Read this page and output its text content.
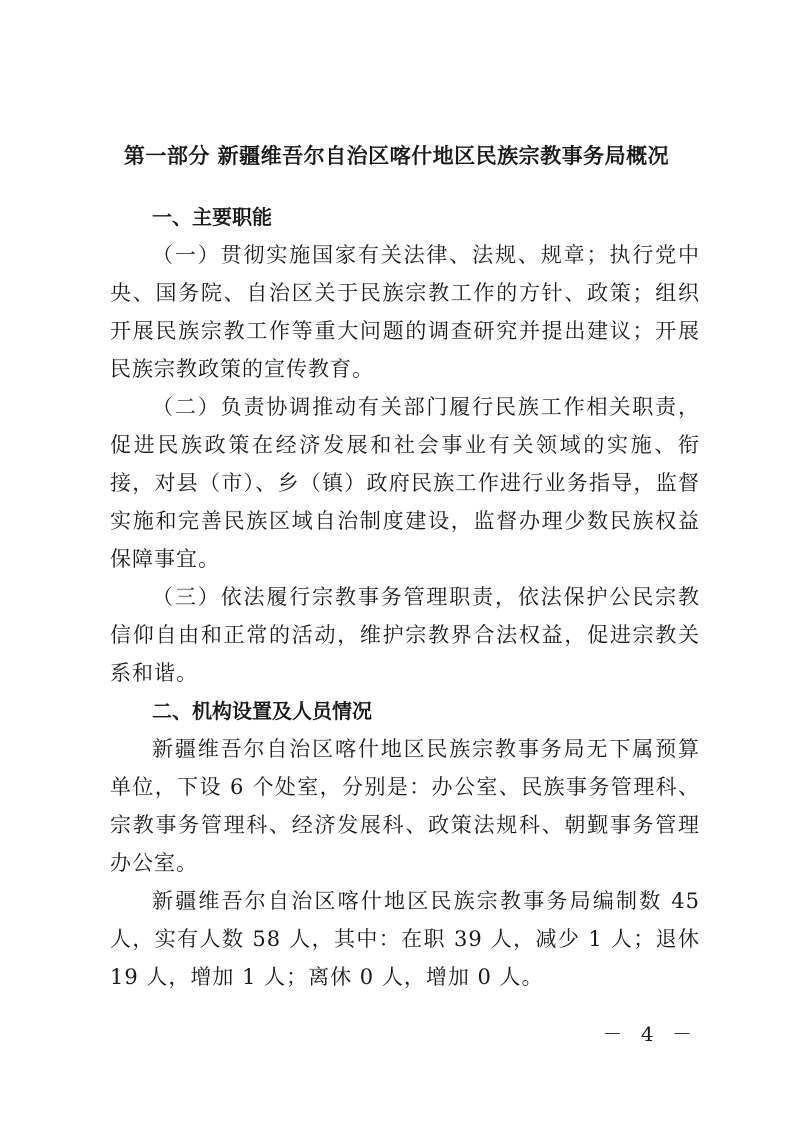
第一部分 新疆维吾尔自治区喀什地区民族宗教事务局概况

一、主要职能

（一）贯彻实施国家有关法律、法规、规章；执行党中央、国务院、自治区关于民族宗教工作的方针、政策；组织开展民族宗教工作等重大问题的调查研究并提出建议；开展民族宗教政策的宣传教育。

（二）负责协调推动有关部门履行民族工作相关职责，促进民族政策在经济发展和社会事业有关领域的实施、衔接，对县（市）、乡（镇）政府民族工作进行业务指导，监督实施和完善民族区域自治制度建设，监督办理少数民族权益保障事宜。

（三）依法履行宗教事务管理职责，依法保护公民宗教信仰自由和正常的活动，维护宗教界合法权益，促进宗教关系和谐。

二、机构设置及人员情况

新疆维吾尔自治区喀什地区民族宗教事务局无下属预算单位，下设 6 个处室，分别是：办公室、民族事务管理科、宗教事务管理科、经济发展科、政策法规科、朝觐事务管理办公室。

新疆维吾尔自治区喀什地区民族宗教事务局编制数 45 人，实有人数 58 人，其中：在职 39 人，减少 1 人；退休 19 人，增加 1 人；离休 0 人，增加 0 人。

－ 4 －
